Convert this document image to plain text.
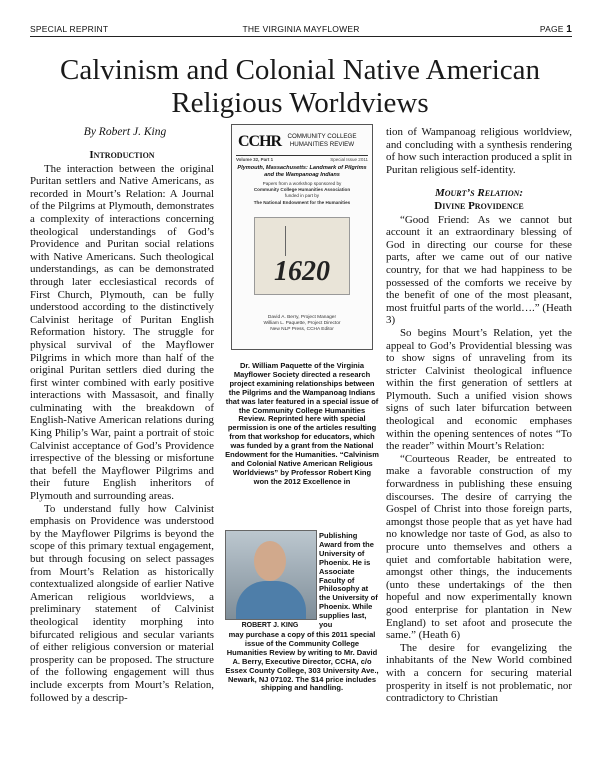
SPECIAL REPRINT	THE VIRGINIA MAYFLOWER	PAGE 1
Calvinism and Colonial Native American Religious Worldviews
By Robert J. King
Introduction

The interaction between the original Puritan settlers and Native Americans, as recorded in Mourt’s Relation: A Journal of the Pilgrims at Plymouth, demonstrates a complexity of interactions concerning theological understandings of God’s Providence and Puritan social relations with Native Americans. Such theological understandings, as can be demonstrated through later ecclesiastical records of First Church, Plymouth, can be fully understood according to the distinctively Calvinist heritage of Puritan English Reformation history. The struggle for physical survival of the Mayflower Pilgrims in which more than half of the original Puritan settlers died during the first winter combined with early positive interactions with Massasoit, and finally culminating with the breakdown of English-Native American relations during King Philip’s War, paint a portrait of stoic Calvinist acceptance of God’s Providence irrespective of the blessing or misfortune that befell the Mayflower Pilgrims and their future English inheritors of Plymouth and surrounding areas.

To understand fully how Calvinist emphasis on Providence was understood by the Mayflower Pilgrims is beyond the scope of this primary textual engagement, but through focusing on select passages from Mourt’s Relation as historically contextualized alongside of earlier Native American religious worldviews, a preliminary statement of Calvinist theological identity morphing into bifurcated religious and secular variants of either religious conversion or material prosperity can be proposed. The structure of the following engagement will thus include excerpts from Mourt’s Relation, followed by a descrip-

CCHR	COMMUNITY COLLEGE
HUMANITIES REVIEW
Special Issue 2011
Volume 32, Part 1
Plymouth, Massachusetts: Landmark of Pilgrims and the Wampanoag Indians
Papers from a workshop sponsored by
Community College Humanities Association
funded in part by
The National Endowment for the Humanities
1620
David A. Berry, Project Manager
William L. Paquette, Project Director
New NLP Press, CCHA Editor
Dr. William Paquette of the Virginia Mayflower Society directed a research project examining relationships between the Pilgrims and the Wampanoag Indians that was later featured in a special issue of the Community College Humanities Review. Reprinted here with special permission is one of the articles resulting from that workshop for educators, which was funded by a grant from the National Endowment for the Humanities. “Calvinism and Colonial Native American Religious Worldviews” by Professor Robert King won the 2012 Excellence in
Publishing Award from the University of Phoenix. He is Associate Faculty of Philosophy at the University of Phoenix. While supplies last, you
ROBERT J. KING
may purchase a copy of this 2011 special issue of the Community College Humanities Review by writing to Mr. David A. Berry, Executive Director, CCHA, c/o Essex County College, 303 University Ave., Newark, NJ 07102. The $14 price includes shipping and handling.

tion of Wampanoag religious worldview, and concluding with a synthesis rendering of how such interaction produced a split in Puritan religious self-identity.

Mourt’s Relation:
Divine Providence

“Good Friend: As we cannot but account it an extraordinary blessing of God in directing our course for these parts, after we came out of our native country, for that we had happiness to be possessed of the comforts we receive by the benefit of one of the most pleasant, most fruitful parts of the world….” (Heath 3)

So begins Mourt’s Relation, yet the appeal to God’s Providential blessing was to show signs of unraveling from its stricter Calvinist theological influence within the first generation of settlers at Plymouth. Such a unified vision shows signs of such later bifurcation between theological and economic emphases within the opening sentences of notes “To the reader” within Mourt’s Relation:

“Courteous Reader, be entreated to make a favorable construction of my forwardness in publishing these ensuing discourses. The desire of carrying the Gospel of Christ into those foreign parts, amongst those people that as yet have had no knowledge nor taste of God, as also to procure unto themselves and others a quiet and comfortable habitation were, amongst other things, the inducements (unto these undertakings of the then hopeful and now experimentally known good enterprise for plantation in New England) to set afoot and prosecute the same.” (Heath 6)

The desire for evangelizing the inhabitants of the New World combined with a concern for securing material prosperity in itself is not problematic, nor contradictory to Christian
